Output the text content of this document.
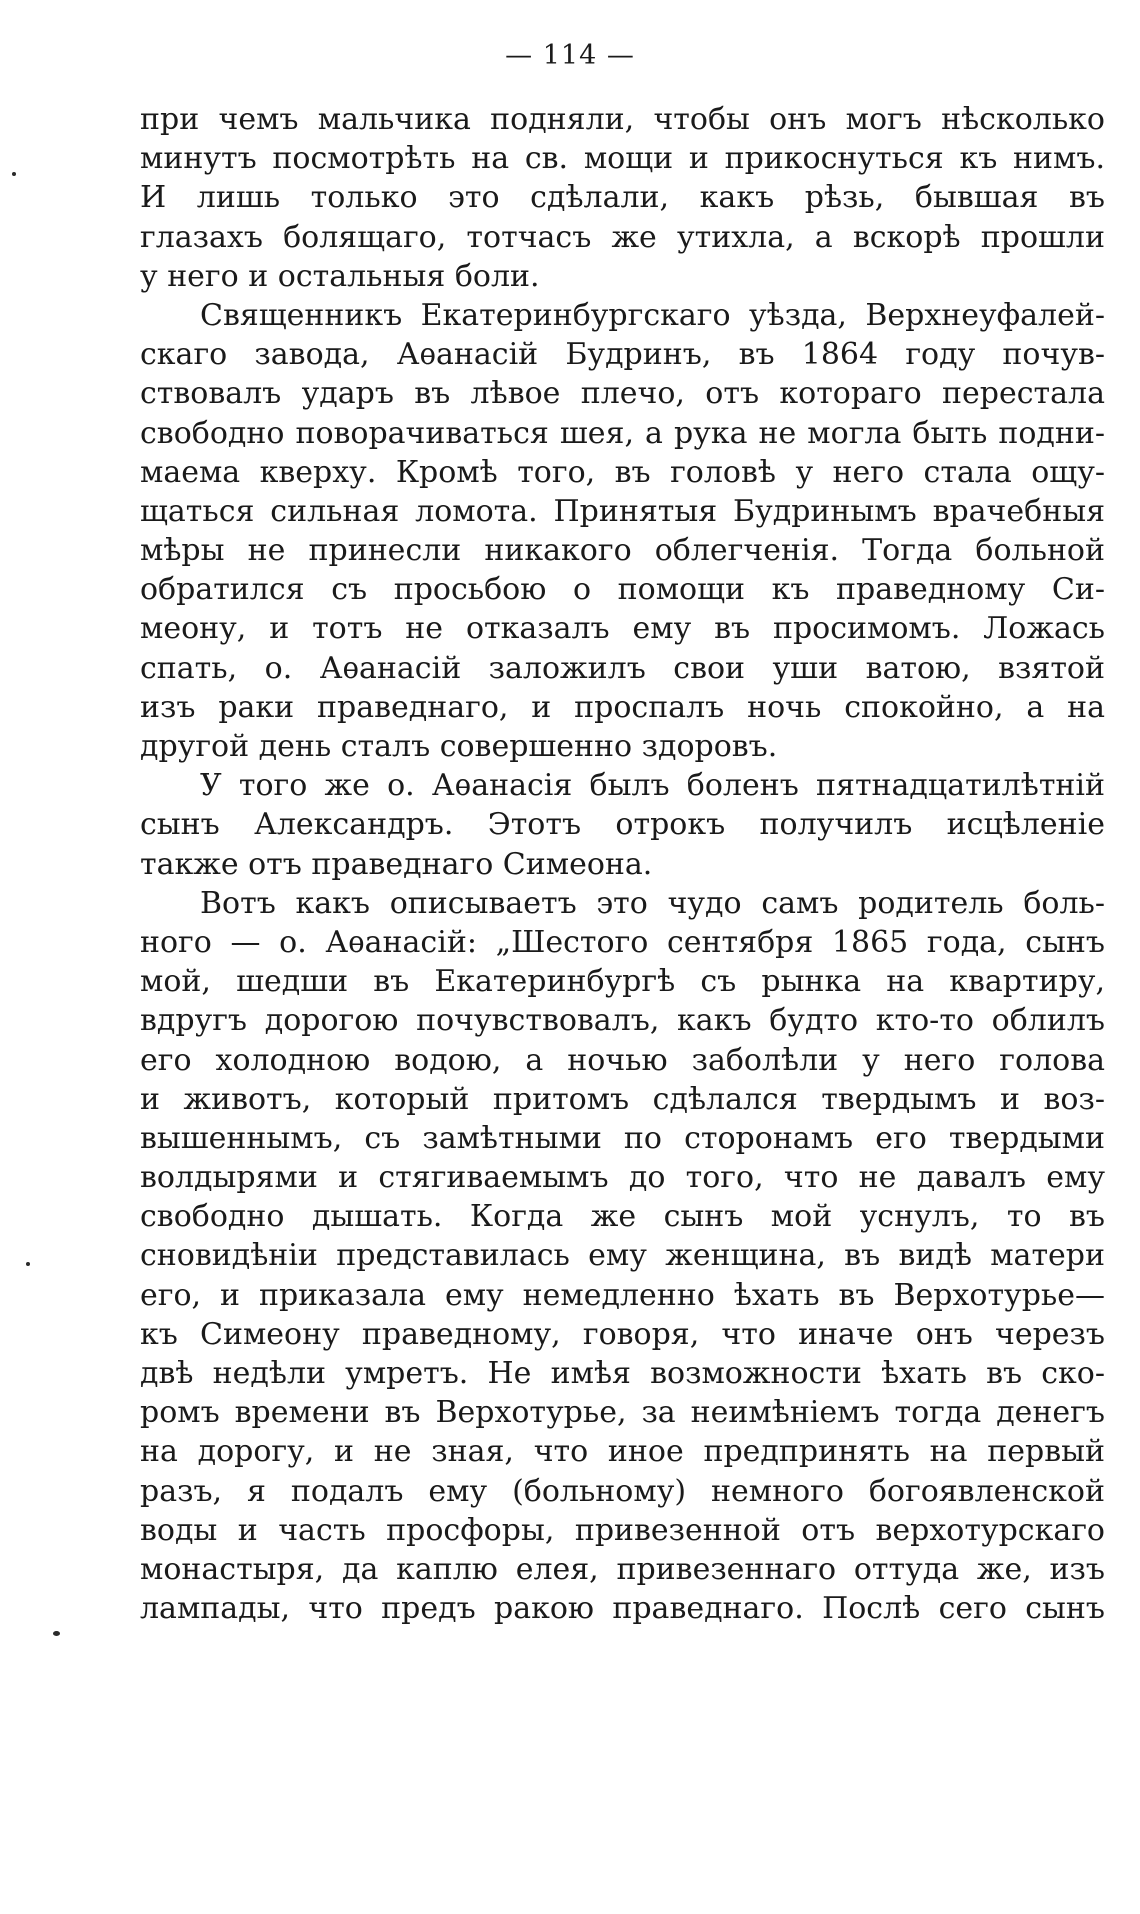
— 114 —
при чемъ мальчика подняли, чтобы онъ могъ нѣсколько
минутъ посмотрѣть на св. мощи и прикоснуться къ нимъ.
И лишь только это сдѣлали, какъ рѣзь, бывшая въ
глазахъ болящаго, тотчасъ же утихла, а вскорѣ прошли
у него и остальныя боли.
Священникъ Екатеринбургскаго уѣзда, Верхнеуфалей-
скаго завода, Аѳанасій Будринъ, въ 1864 году почув-
ствовалъ ударъ въ лѣвое плечо, отъ котораго перестала
свободно поворачиваться шея, а рука не могла быть подни-
маема кверху. Кромѣ того, въ головѣ у него стала ощу-
щаться сильная ломота. Принятыя Будринымъ врачебныя
мѣры не принесли никакого облегченія. Тогда больной
обратился съ просьбою о помощи къ праведному Си-
меону, и тотъ не отказалъ ему въ просимомъ. Ложась
спать, о. Аѳанасій заложилъ свои уши ватою, взятой
изъ раки праведнаго, и проспалъ ночь спокойно, а на
другой день сталъ совершенно здоровъ.
У того же о. Аѳанасія былъ боленъ пятнадцатилѣтній
сынъ Александръ. Этотъ отрокъ получилъ исцѣленіе
также отъ праведнаго Симеона.
Вотъ какъ описываетъ это чудо самъ родитель боль-
ного — о. Аѳанасій: „Шестого сентября 1865 года, сынъ
мой, шедши въ Екатеринбургѣ съ рынка на квартиру,
вдругъ дорогою почувствовалъ, какъ будто кто-то облилъ
его холодною водою, а ночью заболѣли у него голова
и животъ, который притомъ сдѣлался твердымъ и воз-
вышеннымъ, съ замѣтными по сторонамъ его твердыми
волдырями и стягиваемымъ до того, что не давалъ ему
свободно дышать. Когда же сынъ мой уснулъ, то въ
сновидѣніи представилась ему женщина, въ видѣ матери
его, и приказала ему немедленно ѣхать въ Верхотурье—
къ Симеону праведному, говоря, что иначе онъ черезъ
двѣ недѣли умретъ. Не имѣя возможности ѣхать въ ско-
ромъ времени въ Верхотурье, за неимѣніемъ тогда денегъ
на дорогу, и не зная, что иное предпринять на первый
разъ, я подалъ ему (больному) немного богоявленской
воды и часть просфоры, привезенной отъ верхотурскаго
монастыря, да каплю елея, привезеннаго оттуда же, изъ
лампады, что предъ ракою праведнаго. Послѣ сего сынъ
